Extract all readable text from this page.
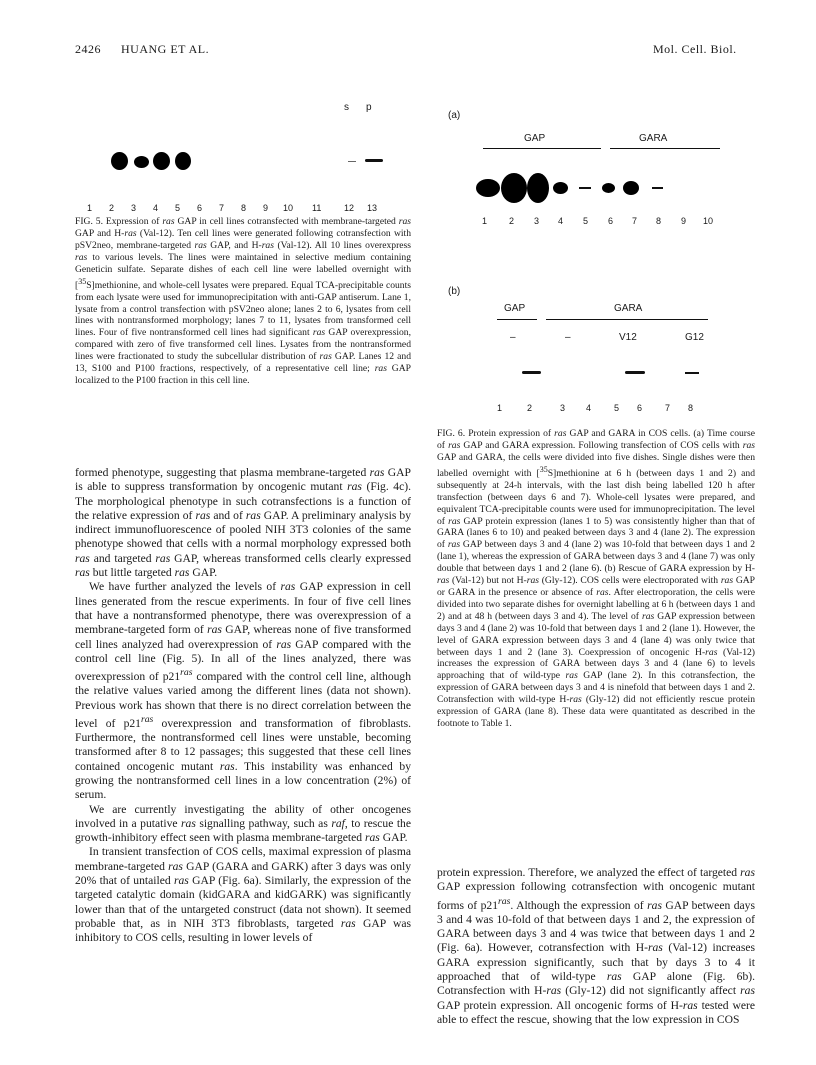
2426 HUANG ET AL.	Mol. Cell. Biol.
s p
1 2 3 4 5 6 7 8 9 10 11	12 13
FIG. 5. Expression of ras GAP in cell lines cotransfected with membrane-targeted ras GAP and H-ras (Val-12). Ten cell lines were generated following cotransfection with pSV2neo, membrane-targeted ras GAP, and H-ras (Val-12). All 10 lines overexpress ras to various levels. The lines were maintained in selective medium containing Geneticin sulfate. Separate dishes of each cell line were labelled overnight with [$^{35}$S]methionine, and whole-cell lysates were prepared. Equal TCA-precipitable counts from each lysate were used for immunoprecipitation with anti-GAP antiserum. Lane 1, lysate from a control transfection with pSV2neo alone; lanes 2 to 6, lysates from cell lines with nontransformed morphology; lanes 7 to 11, lysates from transformed cell lines. Four of five nontransformed cell lines had significant ras GAP overexpression, compared with zero of five transformed cell lines. Lysates from the nontransformed lines were fractionated to study the subcellular distribution of ras GAP. Lanes 12 and 13, S100 and P100 fractions, respectively, of a representative cell line; ras GAP localized to the P100 fraction in this cell line.
(a)
GAP	GARA
1 2 3 4 5 6 7 8 9 10
(b)
GAP	GARA
–	–	V12	G12
1	2	3 4	5 6	7 8
FIG. 6. Protein expression of ras GAP and GARA in COS cells. (a) Time course of ras GAP and GARA expression. Following transfection of COS cells with ras GAP and GARA, the cells were divided into five dishes. Single dishes were then labelled overnight with [$^{35}$S]methionine at 6 h (between days 1 and 2) and subsequently at 24-h intervals, with the last dish being labelled 120 h after transfection (between days 6 and 7). Whole-cell lysates were prepared, and equivalent TCA-precipitable counts were used for immunoprecipitation. The level of ras GAP protein expression (lanes 1 to 5) was consistently higher than that of GARA (lanes 6 to 10) and peaked between days 3 and 4 (lane 2). The expression of ras GAP between days 3 and 4 (lane 2) was 10-fold that between days 1 and 2 (lane 1), whereas the expression of GARA between days 3 and 4 (lane 7) was only double that between days 1 and 2 (lane 6). (b) Rescue of GARA expression by H-ras (Val-12) but not H-ras (Gly-12). COS cells were electroporated with ras GAP or GARA in the presence or absence of ras. After electroporation, the cells were divided into two separate dishes for overnight labelling at 6 h (between days 1 and 2) and at 48 h (between days 3 and 4). The level of ras GAP expression between days 3 and 4 (lane 2) was 10-fold that between days 1 and 2 (lane 1). However, the level of GARA expression between days 3 and 4 (lane 4) was only twice that between days 1 and 2 (lane 3). Coexpression of oncogenic H-ras (Val-12) increases the expression of GARA between days 3 and 4 (lane 6) to levels approaching that of wild-type ras GAP (lane 2). In this cotransfection, the expression of GARA between days 3 and 4 is ninefold that between days 1 and 2. Cotransfection with wild-type H-ras (Gly-12) did not efficiently rescue protein expression of GARA (lane 8). These data were quantitated as described in the footnote to Table 1.

formed phenotype, suggesting that plasma membrane-targeted ras GAP is able to suppress transformation by oncogenic mutant ras (Fig. 4c). The morphological phenotype in such cotransfections is a function of the relative expression of ras and of ras GAP. A preliminary analysis by indirect immunofluorescence of pooled NIH 3T3 colonies of the same phenotype showed that cells with a normal morphology expressed both ras and targeted ras GAP, whereas transformed cells clearly expressed ras but little targeted ras GAP.

We have further analyzed the levels of ras GAP expression in cell lines generated from the rescue experiments. In four of five cell lines that have a nontransformed phenotype, there was overexpression of a membrane-targeted form of ras GAP, whereas none of five transformed cell lines analyzed had overexpression of ras GAP compared with the control cell line (Fig. 5). In all of the lines analyzed, there was overexpression of $p21^{ras}$ compared with the control cell line, although the relative values varied among the different lines (data not shown). Previous work has shown that there is no direct correlation between the level of $p21^{ras}$ overexpression and transformation of fibroblasts. Furthermore, the nontransformed cell lines were unstable, becoming transformed after 8 to 12 passages; this suggested that these cell lines contained oncogenic mutant ras. This instability was enhanced by growing the nontransformed cell lines in a low concentration (2%) of serum.

We are currently investigating the ability of other oncogenes involved in a putative ras signalling pathway, such as raf, to rescue the growth-inhibitory effect seen with plasma membrane-targeted ras GAP.

In transient transfection of COS cells, maximal expression of plasma membrane-targeted ras GAP (GARA and GARK) after 3 days was only 20% that of untailed ras GAP (Fig. 6a). Similarly, the expression of the targeted catalytic domain (kidGARA and kidGARK) was significantly lower than that of the untargeted construct (data not shown). It seemed probable that, as in NIH 3T3 fibroblasts, targeted ras GAP was inhibitory to COS cells, resulting in lower levels of

protein expression. Therefore, we analyzed the effect of targeted ras GAP expression following cotransfection with oncogenic mutant forms of $p21^{ras}$. Although the expression of ras GAP between days 3 and 4 was 10-fold of that between days 1 and 2, the expression of GARA between days 3 and 4 was twice that between days 1 and 2 (Fig. 6a). However, cotransfection with H-ras (Val-12) increases GARA expression significantly, such that by days 3 to 4 it approached that of wild-type ras GAP alone (Fig. 6b). Cotransfection with H-ras (Gly-12) did not significantly affect ras GAP protein expression. All oncogenic forms of H-ras tested were able to effect the rescue, showing that the low expression in COS
